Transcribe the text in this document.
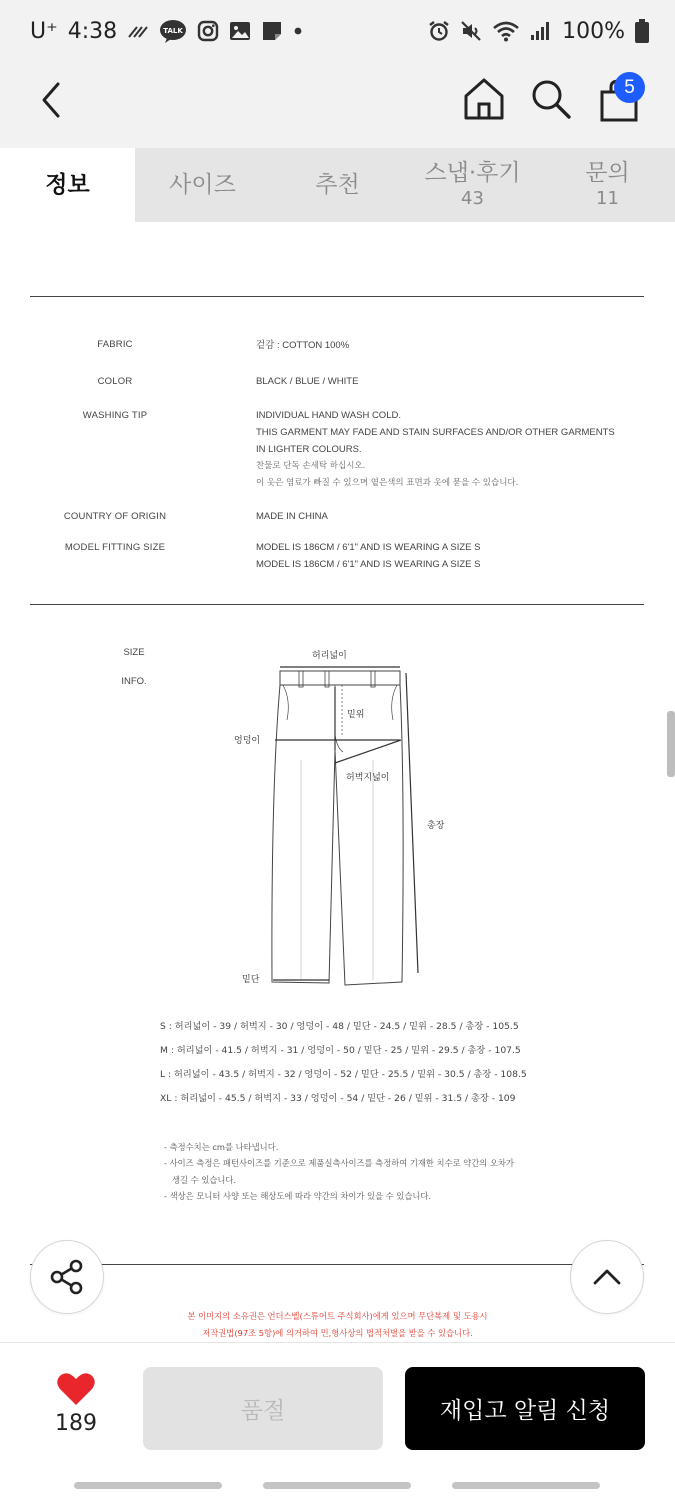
U⁺ 4:38	TALK	100%
5
정보	사이즈	추천	스냅·후기
43
문의
11
FABRIC	겉감 : COTTON 100%
COLOR	BLACK / BLUE / WHITE
WASHING TIP	INDIVIDUAL HAND WASH COLD.
THIS GARMENT MAY FADE AND STAIN SURFACES AND/OR OTHER GARMENTS
IN LIGHTER COLOURS.
찬물로 단독 손세탁 하십시오.
이 옷은 염료가 빠질 수 있으며 옅은색의 표면과 옷에 묻을 수 있습니다.
COUNTRY OF ORIGIN	MADE IN CHINA
MODEL FITTING SIZE	MODEL IS 186CM / 6'1" AND IS WEARING A SIZE S
MODEL IS 186CM / 6'1" AND IS WEARING A SIZE S
SIZE
INFO.
허리넓이
밑위
엉덩이
허벅지넓이
총장
밑단
S : 허리넓이 - 39 / 허벅지 - 30 / 엉덩이 - 48 / 밑단 - 24.5 / 밑위 - 28.5 / 총장 - 105.5
M : 허리넓이 - 41.5 / 허벅지 - 31 / 엉덩이 - 50 / 밑단 - 25 / 밑위 - 29.5 / 총장 - 107.5
L : 허리넓이 - 43.5 / 허벅지 - 32 / 엉덩이 - 52 / 밑단 - 25.5 / 밑위 - 30.5 / 총장 - 108.5
XL : 허리넓이 - 45.5 / 허벅지 - 33 / 엉덩이 - 54 / 밑단 - 26 / 밑위 - 31.5 / 총장 - 109
- 측정수치는 cm를 나타냅니다.
- 사이즈 측정은 패턴사이즈를 기준으로 제품실측사이즈를 측정하여 기재한 치수로 약간의 오차가
생길 수 있습니다.
- 색상은 모니터 사양 또는 해상도에 따라 약간의 차이가 있을 수 있습니다.
본 이미지의 소유권은 언더스벨(스튜어트 주식회사)에게 있으며 무단복제 및 도용시
저작권법(97조 5항)에 의거하여 민,형사상의 법적처벌을 받을 수 있습니다.
189	품절	재입고 알림 신청
